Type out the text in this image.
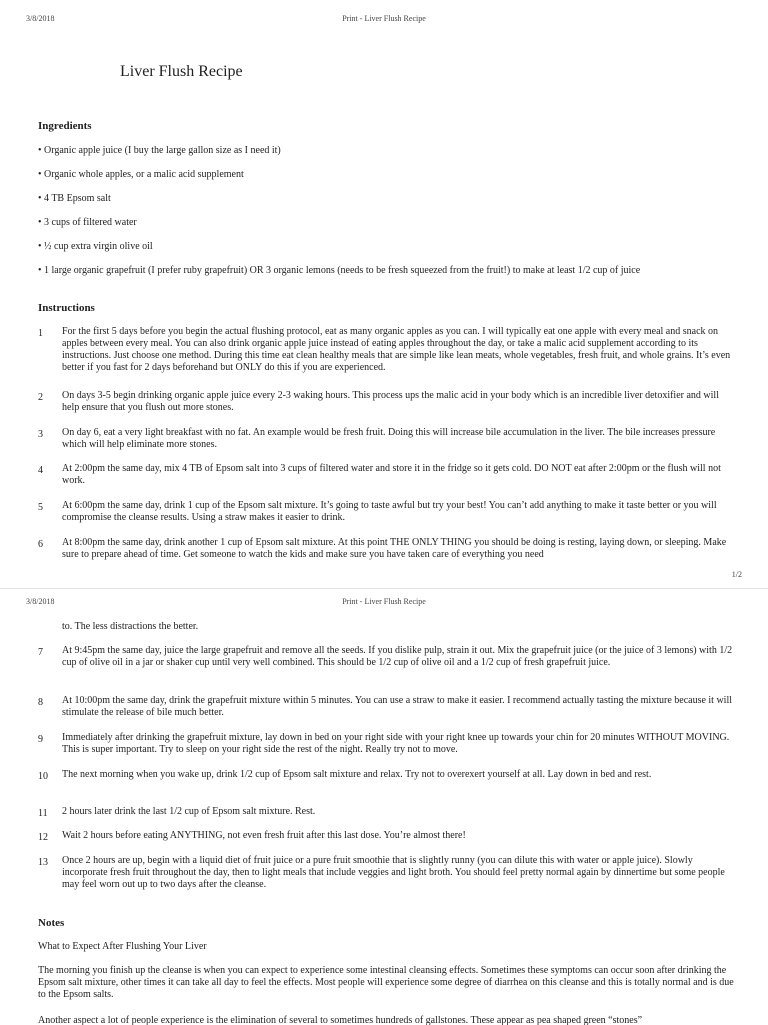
3/8/2018	Print - Liver Flush Recipe
Liver Flush Recipe
Ingredients
• Organic apple juice (I buy the large gallon size as I need it)
• Organic whole apples, or a malic acid supplement
• 4 TB Epsom salt
• 3 cups of filtered water
• ½ cup extra virgin olive oil
• 1 large organic grapefruit (I prefer ruby grapefruit) OR 3 organic lemons (needs to be fresh squeezed from the fruit!) to make at least 1/2 cup of juice
Instructions
1	For the first 5 days before you begin the actual flushing protocol, eat as many organic apples as you can. I will typically eat one apple with every meal and snack on apples between every meal. You can also drink organic apple juice instead of eating apples throughout the day, or take a malic acid supplement according to its instructions. Just choose one method. During this time eat clean healthy meals that are simple like lean meats, whole vegetables, fresh fruit, and whole grains. It’s even better if you fast for 2 days beforehand but ONLY do this if you are experienced.
2	On days 3-5 begin drinking organic apple juice every 2-3 waking hours. This process ups the malic acid in your body which is an incredible liver detoxifier and will help ensure that you flush out more stones.
3	On day 6, eat a very light breakfast with no fat. An example would be fresh fruit. Doing this will increase bile accumulation in the liver. The bile increases pressure which will help eliminate more stones.
4	At 2:00pm the same day, mix 4 TB of Epsom salt into 3 cups of filtered water and store it in the fridge so it gets cold. DO NOT eat after 2:00pm or the flush will not work.
5	At 6:00pm the same day, drink 1 cup of the Epsom salt mixture. It’s going to taste awful but try your best! You can’t add anything to make it taste better or you will compromise the cleanse results. Using a straw makes it easier to drink.
6	At 8:00pm the same day, drink another 1 cup of Epsom salt mixture. At this point THE ONLY THING you should be doing is resting, laying down, or sleeping. Make sure to prepare ahead of time. Get someone to watch the kids and make sure you have taken care of everything you need
1/2
3/8/2018	Print - Liver Flush Recipe
to. The less distractions the better.
7	At 9:45pm the same day, juice the large grapefruit and remove all the seeds. If you dislike pulp, strain it out. Mix the grapefruit juice (or the juice of 3 lemons) with 1/2 cup of olive oil in a jar or shaker cup until very well combined. This should be 1/2 cup of olive oil and a 1/2 cup of fresh grapefruit juice.
8	At 10:00pm the same day, drink the grapefruit mixture within 5 minutes. You can use a straw to make it easier. I recommend actually tasting the mixture because it will stimulate the release of bile much better.
9	Immediately after drinking the grapefruit mixture, lay down in bed on your right side with your right knee up towards your chin for 20 minutes WITHOUT MOVING. This is super important. Try to sleep on your right side the rest of the night. Really try not to move.
10	The next morning when you wake up, drink 1/2 cup of Epsom salt mixture and relax. Try not to overexert yourself at all. Lay down in bed and rest.
11	2 hours later drink the last 1/2 cup of Epsom salt mixture. Rest.
12	Wait 2 hours before eating ANYTHING, not even fresh fruit after this last dose. You’re almost there!
13	Once 2 hours are up, begin with a liquid diet of fruit juice or a pure fruit smoothie that is slightly runny (you can dilute this with water or apple juice). Slowly incorporate fresh fruit throughout the day, then to light meals that include veggies and light broth. You should feel pretty normal again by dinnertime but some people may feel worn out up to two days after the cleanse.
Notes
What to Expect After Flushing Your Liver
The morning you finish up the cleanse is when you can expect to experience some intestinal cleansing effects. Sometimes these symptoms can occur soon after drinking the Epsom salt mixture, other times it can take all day to feel the effects. Most people will experience some degree of diarrhea on this cleanse and this is totally normal and is due to the Epsom salts.
Another aspect a lot of people experience is the elimination of several to sometimes hundreds of gallstones. These appear as pea shaped green “stones”
